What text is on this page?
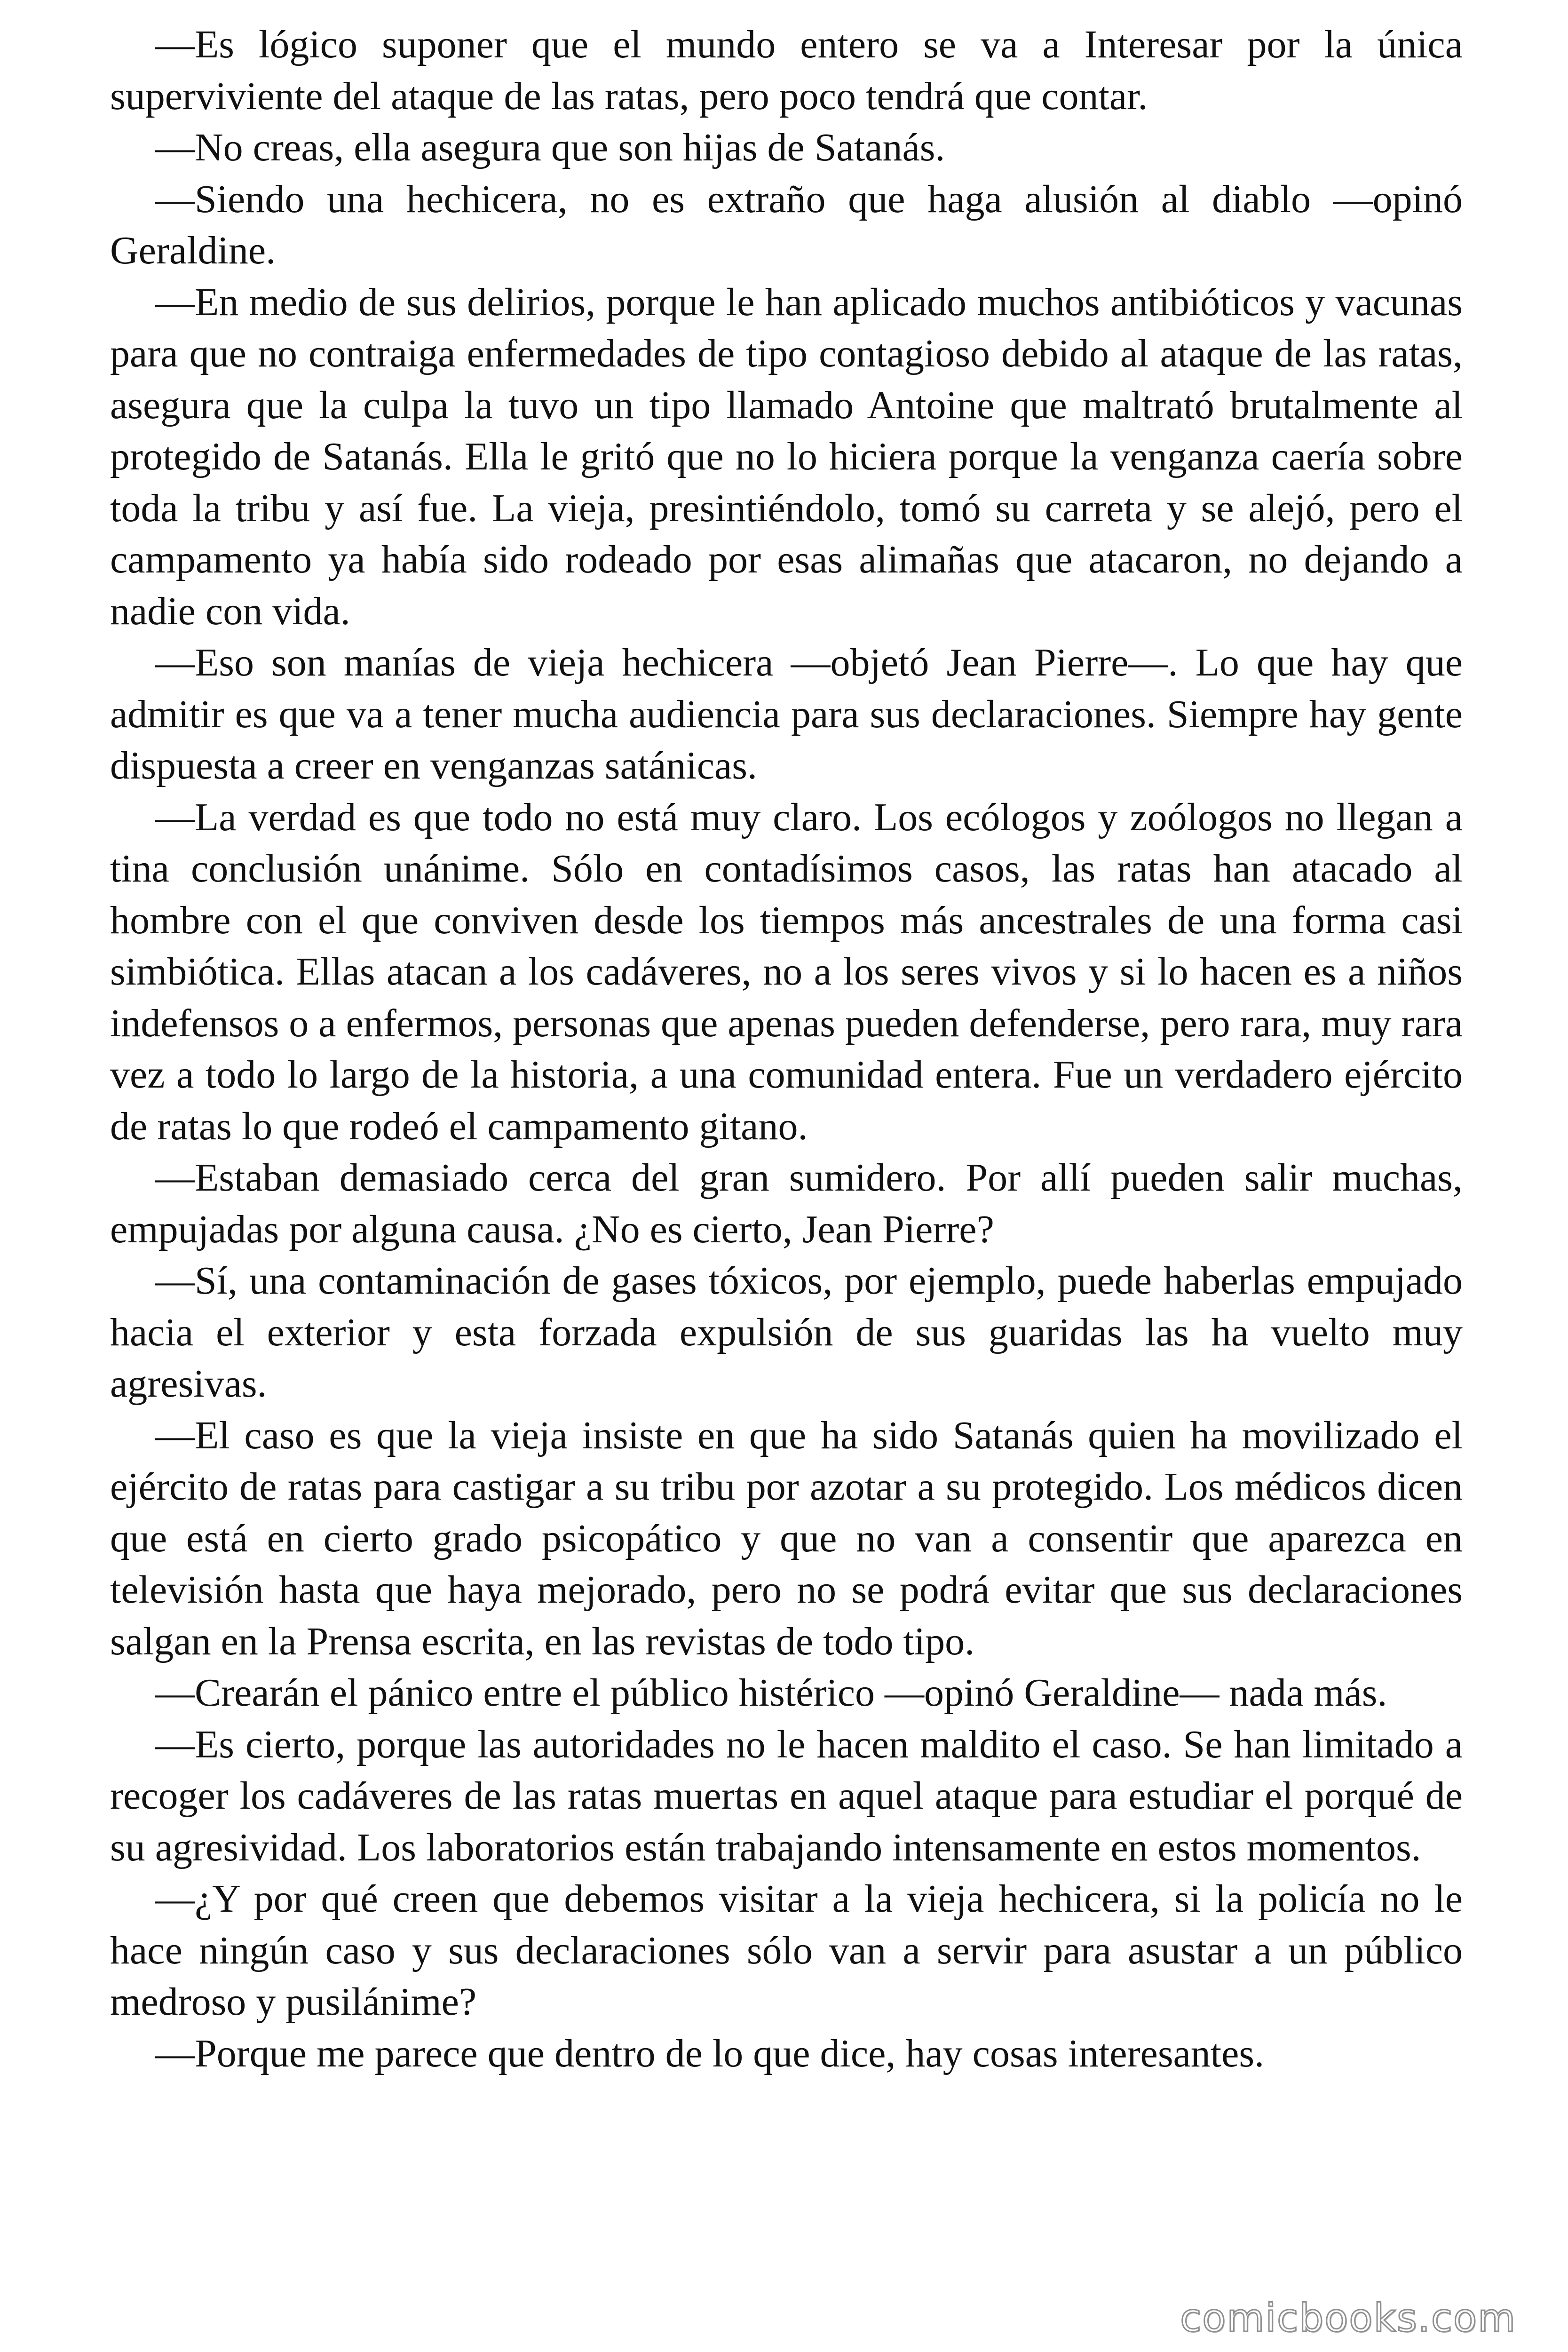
—Es lógico suponer que el mundo entero se va a Interesar por la única superviviente del ataque de las ratas, pero poco tendrá que contar.

—No creas, ella asegura que son hijas de Satanás.

—Siendo una hechicera, no es extraño que haga alusión al diablo —opinó Geraldine.

—En medio de sus delirios, porque le han aplicado muchos antibióticos y vacunas para que no contraiga enfermedades de tipo contagioso debido al ataque de las ratas, asegura que la culpa la tuvo un tipo llamado Antoine que maltrató brutalmente al protegido de Satanás. Ella le gritó que no lo hiciera porque la venganza caería sobre toda la tribu y así fue. La vieja, presintiéndolo, tomó su carreta y se alejó, pero el campamento ya había sido rodeado por esas alimañas que atacaron, no dejando a nadie con vida.

—Eso son manías de vieja hechicera —objetó Jean Pierre—. Lo que hay que admitir es que va a tener mucha audiencia para sus declaraciones. Siempre hay gente dispuesta a creer en venganzas satánicas.

—La verdad es que todo no está muy claro. Los ecólogos y zoólogos no llegan a tina conclusión unánime. Sólo en contadísimos casos, las ratas han atacado al hombre con el que conviven desde los tiempos más ancestrales de una forma casi simbiótica. Ellas atacan a los cadáveres, no a los seres vivos y si lo hacen es a niños indefensos o a enfermos, personas que apenas pueden defenderse, pero rara, muy rara vez a todo lo largo de la historia, a una comunidad entera. Fue un verdadero ejército de ratas lo que rodeó el campamento gitano.

—Estaban demasiado cerca del gran sumidero. Por allí pueden salir muchas, empujadas por alguna causa. ¿No es cierto, Jean Pierre?

—Sí, una contaminación de gases tóxicos, por ejemplo, puede haberlas empujado hacia el exterior y esta forzada expulsión de sus guaridas las ha vuelto muy agresivas.

—El caso es que la vieja insiste en que ha sido Satanás quien ha movilizado el ejército de ratas para castigar a su tribu por azotar a su protegido. Los médicos dicen que está en cierto grado psicopático y que no van a consentir que aparezca en televisión hasta que haya mejorado, pero no se podrá evitar que sus declaraciones salgan en la Prensa escrita, en las revistas de todo tipo.

—Crearán el pánico entre el público histérico —opinó Geraldine— nada más.

—Es cierto, porque las autoridades no le hacen maldito el caso. Se han limitado a recoger los cadáveres de las ratas muertas en aquel ataque para estudiar el porqué de su agresividad. Los laboratorios están trabajando intensamente en estos momentos.

—¿Y por qué creen que debemos visitar a la vieja hechicera, si la policía no le hace ningún caso y sus declaraciones sólo van a servir para asustar a un público medroso y pusilánime?

—Porque me parece que dentro de lo que dice, hay cosas interesantes.

comicbooks.com
